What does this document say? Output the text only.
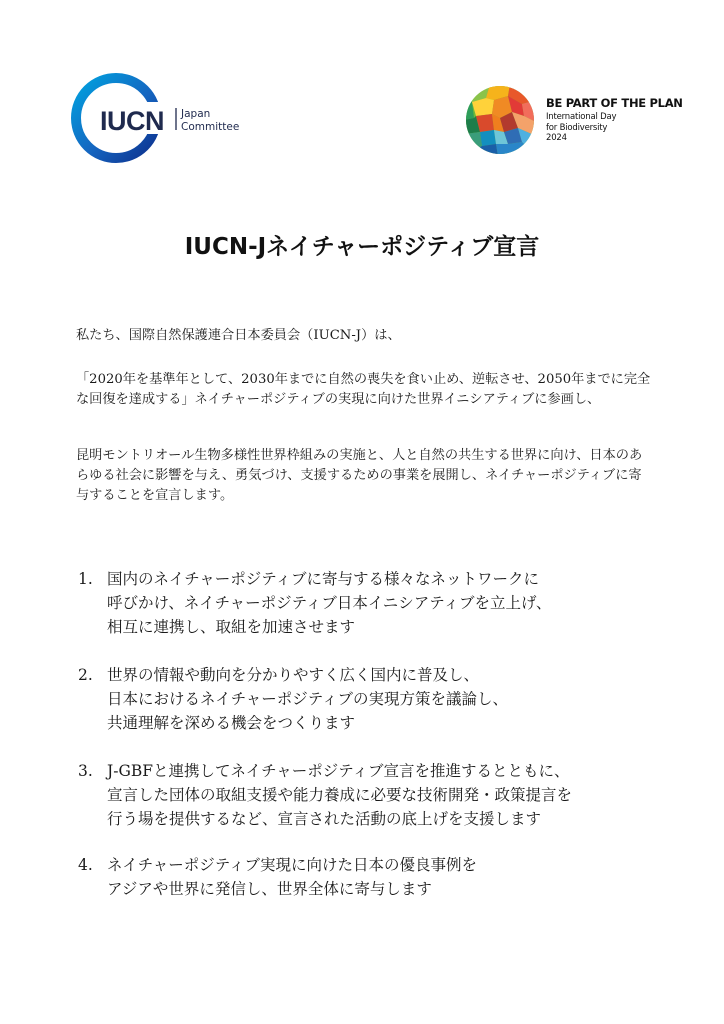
IUCN Japan
Committee
BE PART OF THE PLAN
International Day
for Biodiversity
2024
IUCN-Jネイチャーポジティブ宣言

私たち、国際自然保護連合日本委員会（IUCN-J）は、

「2020年を基準年として、2030年までに自然の喪失を食い止め、逆転させ、2050年までに完全な回復を達成する」ネイチャーポジティブの実現に向けた世界イニシアティブに参画し、

昆明モントリオール生物多様性世界枠組みの実施と、人と自然の共生する世界に向け、日本のあらゆる社会に影響を与え、勇気づけ、支援するための事業を展開し、ネイチャーポジティブに寄与することを宣言します。

1. 国内のネイチャーポジティブに寄与する様々なネットワークに
呼びかけ、ネイチャーポジティブ日本イニシアティブを立上げ、
相互に連携し、取組を加速させます
2. 世界の情報や動向を分かりやすく広く国内に普及し、
日本におけるネイチャーポジティブの実現方策を議論し、
共通理解を深める機会をつくります
3. J-GBFと連携してネイチャーポジティブ宣言を推進するとともに、
宣言した団体の取組支援や能力養成に必要な技術開発・政策提言を
行う場を提供するなど、宣言された活動の底上げを支援します
4. ネイチャーポジティブ実現に向けた日本の優良事例を
アジアや世界に発信し、世界全体に寄与します
